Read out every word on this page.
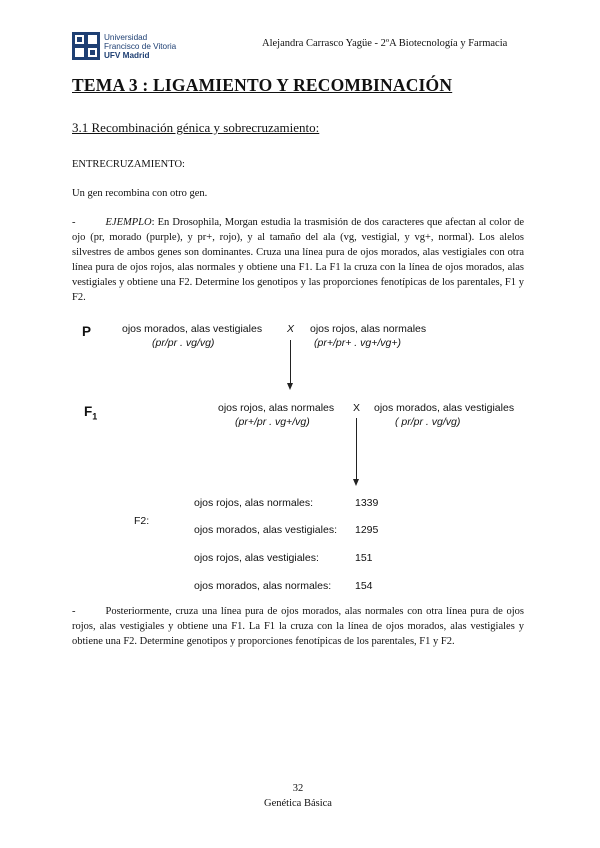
Universidad
Francisco de Vitoria
UFV Madrid
Alejandra Carrasco Yagüe - 2ºA Biotecnología y Farmacia
TEMA 3 : LIGAMIENTO Y RECOMBINACIÓN
3.1 Recombinación génica y sobrecruzamiento:
ENTRECRUZAMIENTO:
Un gen recombina con otro gen.
-	EJEMPLO: En Drosophila, Morgan estudia la trasmisión de dos caracteres que afectan al color de ojo (pr, morado (purple), y pr+, rojo), y al tamaño del ala (vg, vestigial, y vg+, normal). Los alelos silvestres de ambos genes son dominantes. Cruza una línea pura de ojos morados, alas vestigiales con otra línea pura de ojos rojos, alas normales y obtiene una F1. La F1 la cruza con la línea de ojos morados, alas vestigiales y obtiene una F2. Determine los genotipos y las proporciones fenotípicas de los parentales, F1 y F2.
P	ojos morados, alas vestigiales
(pr/pr . vg/vg)
X ojos rojos, alas normales
(pr+/pr+ . vg+/vg+)
$F_1$
ojos rojos, alas normales
(pr+/pr . vg+/vg)
X ojos morados, alas vestigiales
( pr/pr . vg/vg)
F2:
ojos rojos, alas normales:	1339
ojos morados, alas vestigiales: 1295
ojos rojos, alas vestigiales:	151
ojos morados, alas normales: 154
-	Posteriormente, cruza una línea pura de ojos morados, alas normales con otra línea pura de ojos rojos, alas vestigiales y obtiene una F1. La F1 la cruza con la línea de ojos morados, alas vestigiales y obtiene una F2. Determine genotipos y proporciones fenotípicas de los parentales, F1 y F2.
32
Genética Básica
